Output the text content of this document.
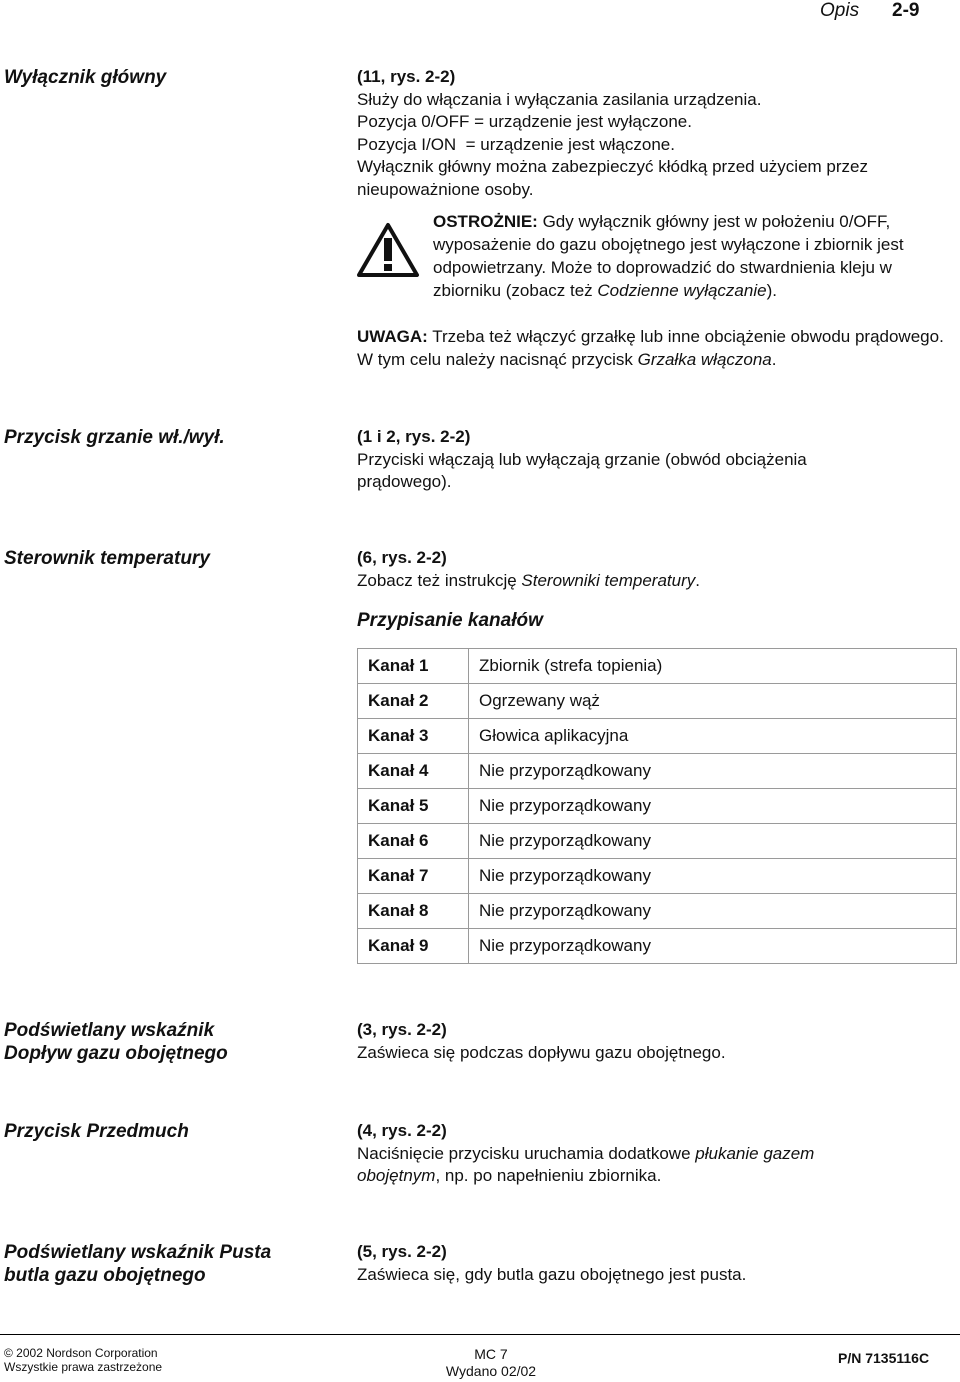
Opis 2-9
Wyłącznik główny	(11, rys. 2-2)

Służy do włączania i wyłączania zasilania urządzenia.

Pozycja 0/OFF = urządzenie jest wyłączone.

Pozycja I/ON  = urządzenie jest włączone.

Wyłącznik główny można zabezpieczyć kłódką przed użyciem przez

nieupoważnione osoby.

OSTROŻNIE: Gdy wyłącznik główny jest w położeniu 0/OFF, wyposażenie do gazu obojętnego jest wyłączone i zbiornik jest odpowietrzany. Może to doprowadzić do stwardnienia kleju w zbiorniku (zobacz też Codzienne wyłączanie).

UWAGA: Trzeba też włączyć grzałkę lub inne obciążenie obwodu prądowego. W tym celu należy nacisnąć przycisk Grzałka włączona.

Przycisk grzanie wł./wył.	(1 i 2, rys. 2-2)

Przyciski włączają lub wyłączają grzanie (obwód obciążenia prądowego).

Sterownik temperatury	(6, rys. 2-2)

Zobacz też instrukcję Sterowniki temperatury.

Przypisanie kanałów
Kanał 1	Zbiornik (strefa topienia)
Kanał 2	Ogrzewany wąż
Kanał 3	Głowica aplikacyjna
Kanał 4	Nie przyporządkowany
Kanał 5	Nie przyporządkowany
Kanał 6	Nie przyporządkowany
Kanał 7	Nie przyporządkowany
Kanał 8	Nie przyporządkowany
Kanał 9	Nie przyporządkowany
Podświetlany wskaźnik
Dopływ gazu obojętnego

(3, rys. 2-2)

Zaświeca się podczas dopływu gazu obojętnego.

Przycisk Przedmuch	(4, rys. 2-2)

Naciśnięcie przycisku uruchamia dodatkowe płukanie gazem obojętnym, np. po napełnieniu zbiornika.

Podświetlany wskaźnik Pusta
butla gazu obojętnego

(5, rys. 2-2)

Zaświeca się, gdy butla gazu obojętnego jest pusta.

© 2002 Nordson Corporation
Wszystkie prawa zastrzeżone
MC 7
Wydano 02/02
P/N 7135116C
